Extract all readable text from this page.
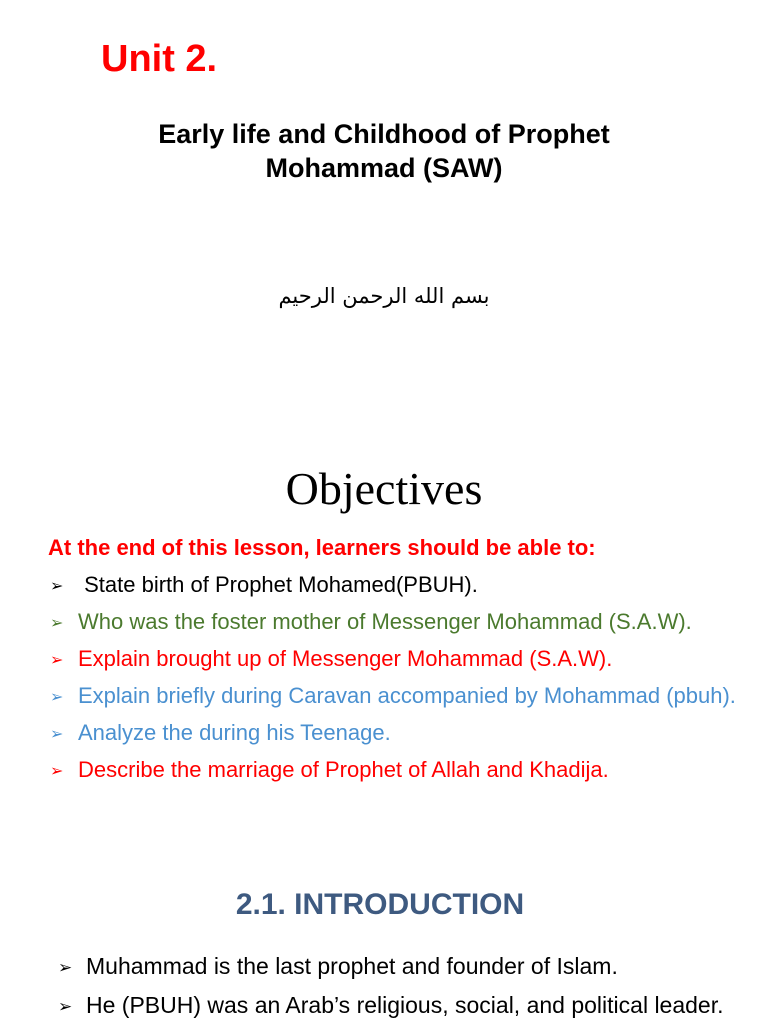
Unit 2.
Early life and Childhood of Prophet
Mohammad (SAW)
بسم الله الرحمن الرحيم
Objectives
At the end of this lesson, learners should be able to:
➢ State birth of Prophet Mohamed(PBUH).
➢ Who was the foster mother of Messenger Mohammad (S.A.W).
➢ Explain brought up of Messenger Mohammad (S.A.W).
➢ Explain briefly during Caravan accompanied by Mohammad (pbuh).
➢ Analyze the during his Teenage.
➢ Describe the marriage of Prophet of Allah and Khadija.
2.1. INTRODUCTION
➢ Muhammad is the last prophet and founder of Islam.
➢ He (PBUH) was an Arab’s religious, social, and political leader.
